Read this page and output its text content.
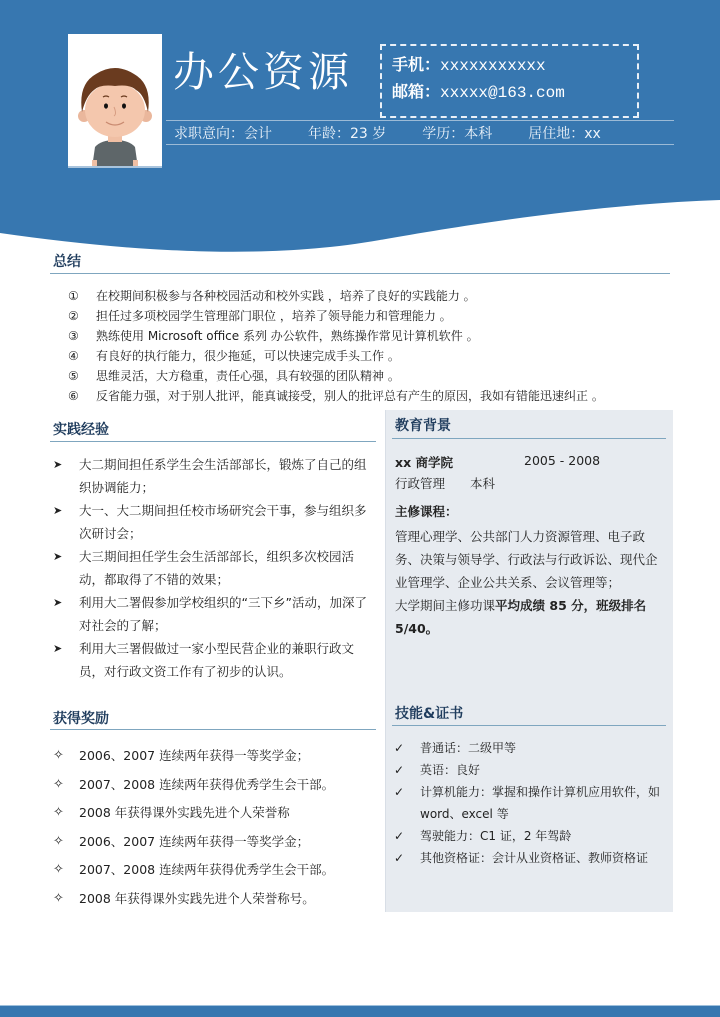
办公资源 手机：xxxxxxxxxxx
邮箱：xxxxx@163.com
求职意向：会计	年龄：23 岁	学历：本科	居住地：xx
总结
① 在校期间积极参与各种校园活动和校外实践 ，培养了良好的实践能力 。
② 担任过多项校园学生管理部门职位 ，培养了领导能力和管理能力 。
③ 熟练使用 Microsoft office 系列 办公软件，熟练操作常见计算机软件 。
④ 有良好的执行能力，很少拖延，可以快速完成手头工作 。
⑤ 思维灵活，大方稳重，责任心强，具有较强的团队精神 。
⑥ 反省能力强，对于别人批评，能真诚接受，别人的批评总有产生的原因，我如有错能迅速纠正 。
实践经验
➤ 大二期间担任系学生会生活部部长，锻炼了自己的组织协调能力；
➤ 大一、大二期间担任校市场研究会干事，参与组织多次研讨会；
➤ 大三期间担任学生会生活部部长，组织多次校园活动，都取得了不错的效果；
➤ 利用大二署假参加学校组织的“三下乡”活动，加深了对社会的了解；
➤ 利用大三署假做过一家小型民营企业的兼职行政文员，对行政文资工作有了初步的认识。
获得奖励
✧ 2006、2007 连续两年获得一等奖学金；
✧ 2007、2008 连续两年获得优秀学生会干部。
✧ 2008 年获得课外实践先进个人荣誉称
✧ 2006、2007 连续两年获得一等奖学金；
✧ 2007、2008 连续两年获得优秀学生会干部。
✧ 2008 年获得课外实践先进个人荣誉称号。
教育背景
xx 商学院	2005 - 2008
行政管理 本科
主修课程：
管理心理学、公共部门人力资源管理、电子政务、决策与领导学、行政法与行政诉讼、现代企业管理学、企业公共关系、会议管理等；
大学期间主修功课平均成绩 85 分，班级排名 5/40。
技能&证书
✓ 普通话：二级甲等
✓ 英语：良好
✓ 计算机能力：掌握和操作计算机应用软件，如 word、excel 等
✓ 驾驶能力：C1 证，2 年驾龄
✓ 其他资格证：会计从业资格证、教师资格证
